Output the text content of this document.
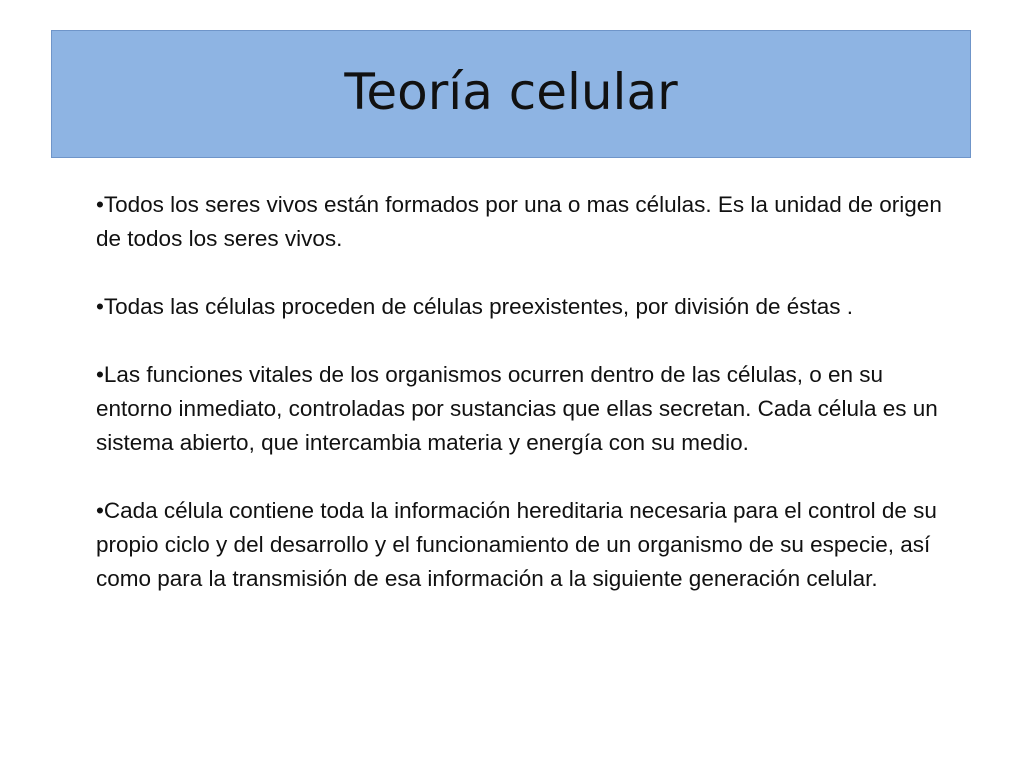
Teoría celular

•Todos los seres vivos están formados por una o mas células. Es la unidad de origen de todos los seres vivos.

•Todas las células proceden de células preexistentes, por división de éstas .

•Las funciones vitales de los organismos ocurren dentro de las células, o en su entorno inmediato, controladas por sustancias que ellas secretan. Cada célula es un sistema abierto, que intercambia materia y energía con su medio.

•Cada célula contiene toda la información hereditaria necesaria para el control de su propio ciclo y del desarrollo y el funcionamiento de un organismo de su especie, así como para la transmisión de esa información a la siguiente generación celular.
